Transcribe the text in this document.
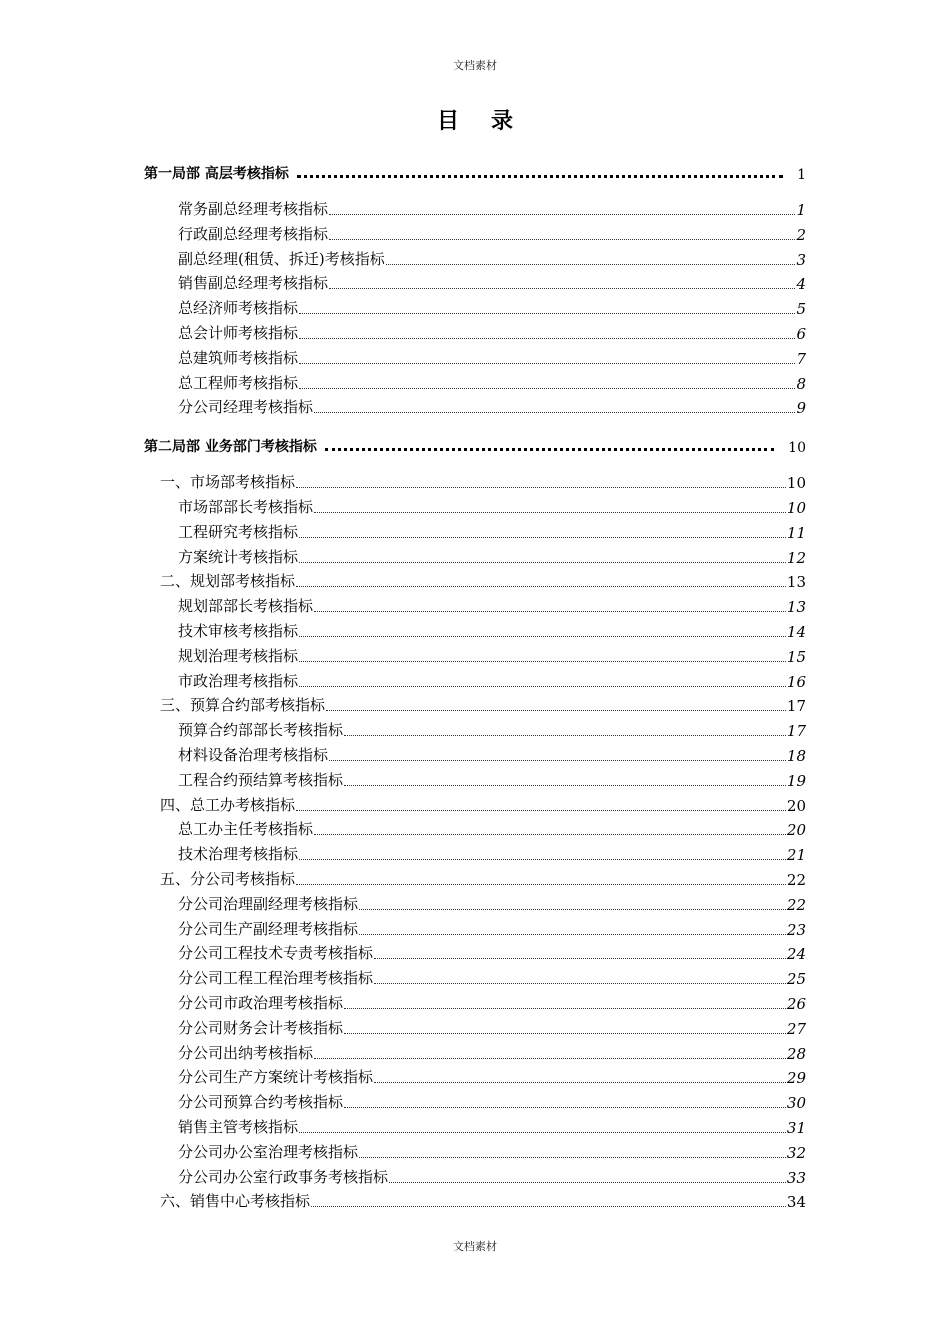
文档素材
目录
第一局部 高层考核指标	1
常务副总经理考核指标	1
行政副总经理考核指标	2
副总经理(租赁、拆迁)考核指标	3
销售副总经理考核指标	4
总经济师考核指标	5
总会计师考核指标	6
总建筑师考核指标	7
总工程师考核指标	8
分公司经理考核指标	9
第二局部 业务部门考核指标	10
一、市场部考核指标	10
市场部部长考核指标	10
工程研究考核指标	11
方案统计考核指标	12
二、规划部考核指标	13
规划部部长考核指标	13
技术审核考核指标	14
规划治理考核指标	15
市政治理考核指标	16
三、预算合约部考核指标	17
预算合约部部长考核指标	17
材料设备治理考核指标	18
工程合约预结算考核指标	19
四、总工办考核指标	20
总工办主任考核指标	20
技术治理考核指标	21
五、分公司考核指标	22
分公司治理副经理考核指标	22
分公司生产副经理考核指标	23
分公司工程技术专责考核指标	24
分公司工程工程治理考核指标	25
分公司市政治理考核指标	26
分公司财务会计考核指标	27
分公司出纳考核指标	28
分公司生产方案统计考核指标	29
分公司预算合约考核指标	30
销售主管考核指标	31
分公司办公室治理考核指标	32
分公司办公室行政事务考核指标	33
六、销售中心考核指标	34
文档素材
